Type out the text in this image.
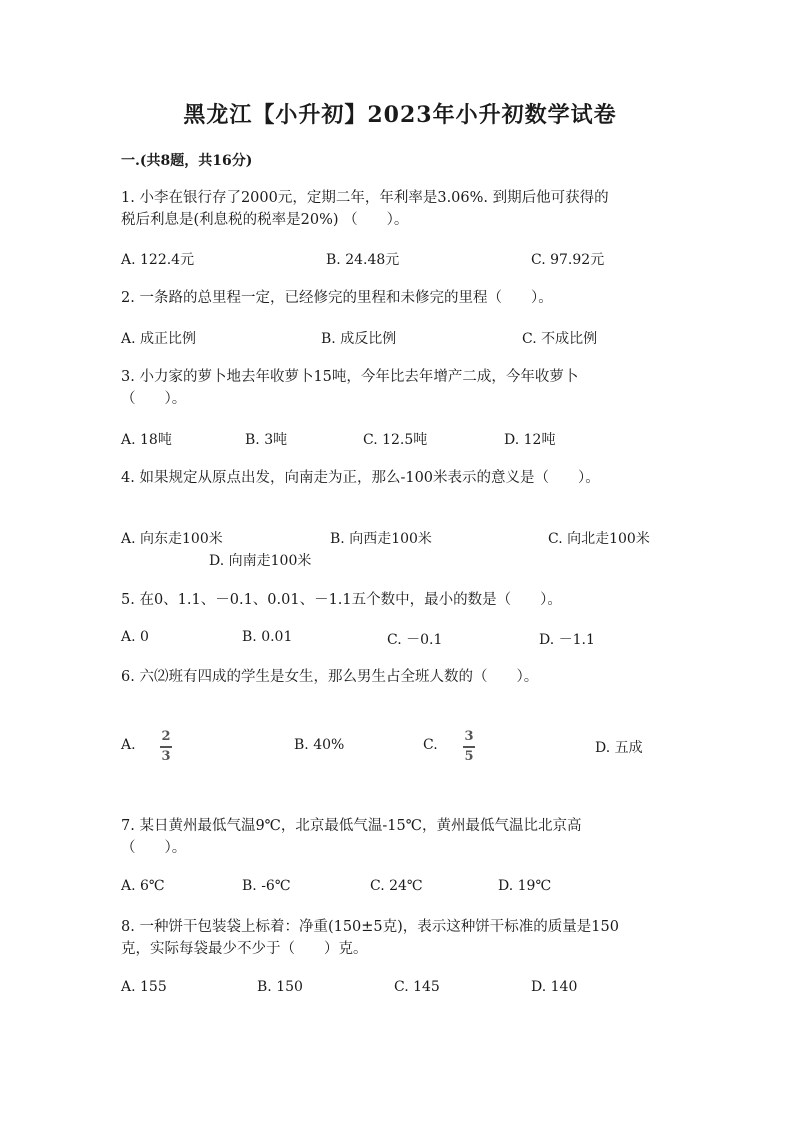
黑龙江【小升初】2023年小升初数学试卷
一.(共8题，共16分)
1. 小李在银行存了2000元，定期二年，年利率是3.06%. 到期后他可获得的
税后利息是(利息税的税率是20%) （　　）。
A. 122.4元	B. 24.48元	C. 97.92元
2. 一条路的总里程一定，已经修完的里程和未修完的里程（　　）。
A. 成正比例	B. 成反比例	C. 不成比例
3. 小力家的萝卜地去年收萝卜15吨，今年比去年增产二成，今年收萝卜
（　　）。
A. 18吨	B. 3吨	C. 12.5吨	D. 12吨
4. 如果规定从原点出发，向南走为正，那么-100米表示的意义是（　　）。
A. 向东走100米	B. 向西走100米	C. 向北走100米
D. 向南走100米
5. 在0、1.1、－0.1、0.01、－1.1五个数中，最小的数是（　　）。
A. 0	B. 0.01	C. －0.1	D. －1.1
6. 六⑵班有四成的学生是女生，那么男生占全班人数的（　　）。
A.
2
3
B. 40%	C.
3
5	D. 五成
7. 某日黄州最低气温9℃，北京最低气温-15℃，黄州最低气温比北京高
（　　）。
A. 6℃	B. -6℃	C. 24℃	D. 19℃
8. 一种饼干包装袋上标着：净重(150±5克)，表示这种饼干标准的质量是150
克，实际每袋最少不少于（　　）克。
A. 155	B. 150	C. 145	D. 140
